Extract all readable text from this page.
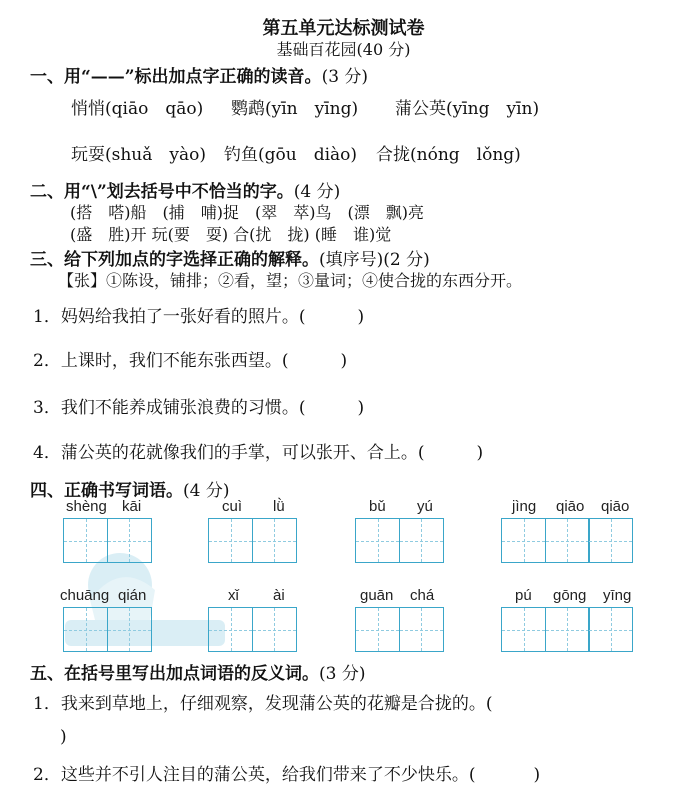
第五单元达标测试卷
基础百花园(40 分)
一、用“——”标出加点字正确的读音。(3 分)
悄悄(qiāo　qāo) 鹦鹉(yīn　yīng) 蒲公英(yīng　yīn)
玩耍(shuǎ　yào) 钓鱼(gōu　diào) 合拢(nóng　lǒng)
二、用“\”划去括号中不恰当的字。(4 分)
(搭　嗒)船　(捕　哺)捉　(翠　萃)鸟　(漂　飘)亮
(盛　胜)开 玩(要　耍) 合(扰　拢) (睡　谁)觉
三、给下列加点的字选择正确的解释。(填序号)(2 分)
【张】①陈设，铺排；②看，望；③量词；④使合拢的东西分开。
1．妈妈给我拍了一张好看的照片。(	)
2．上课时，我们不能东张西望。(	)
3．我们不能养成铺张浪费的习惯。(	)
4．蒲公英的花就像我们的手掌，可以张开、合上。(	)
四、正确书写词语。(4 分)
shèng kāi	cuì lǜ	bǔ yú	jìng qiāo qiāo
chuāng qián	xǐ ài	guān chá	pú gōng yīng
五、在括号里写出加点词语的反义词。(3 分)
1．我来到草地上，仔细观察，发现蒲公英的花瓣是合拢的。(
)
2．这些并不引人注目的蒲公英，给我们带来了不少快乐。(	)
